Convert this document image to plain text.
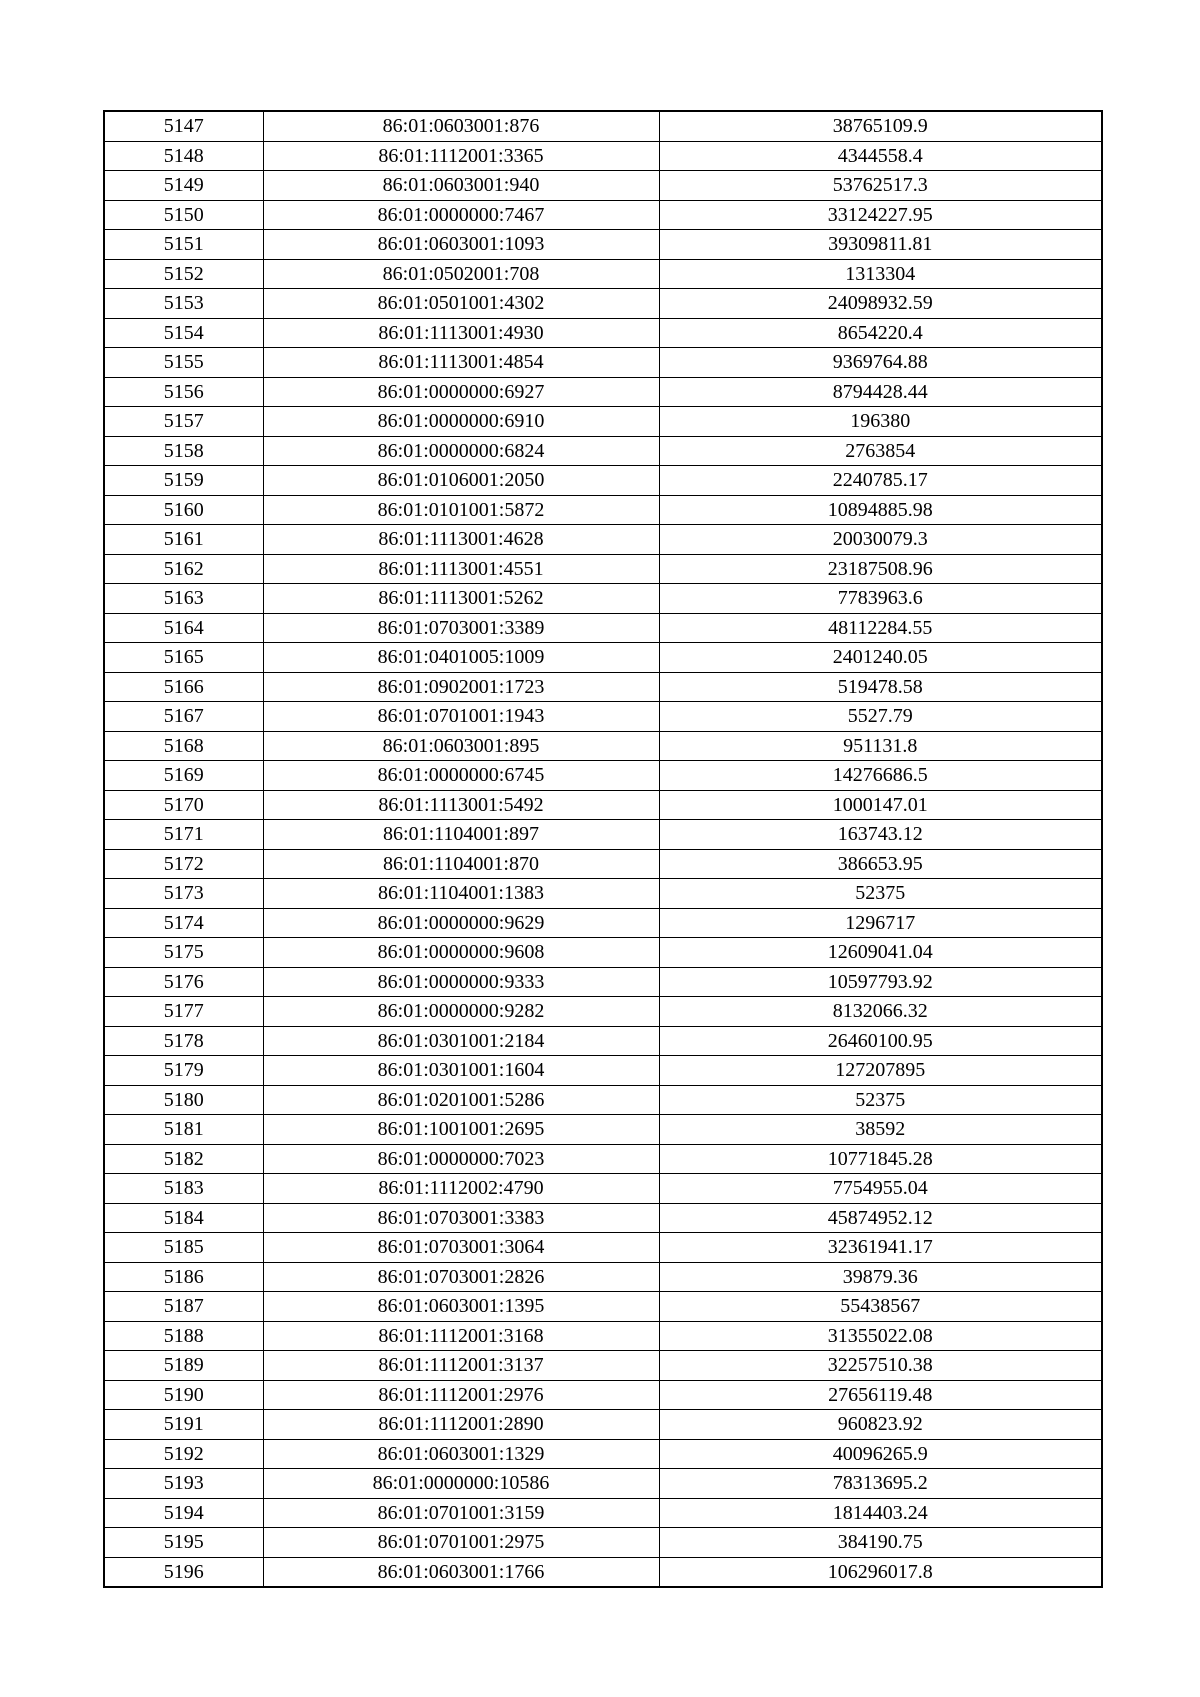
5147	86:01:0603001:876	38765109.9
5148	86:01:1112001:3365	4344558.4
5149	86:01:0603001:940	53762517.3
5150	86:01:0000000:7467	33124227.95
5151	86:01:0603001:1093	39309811.81
5152	86:01:0502001:708	1313304
5153	86:01:0501001:4302	24098932.59
5154	86:01:1113001:4930	8654220.4
5155	86:01:1113001:4854	9369764.88
5156	86:01:0000000:6927	8794428.44
5157	86:01:0000000:6910	196380
5158	86:01:0000000:6824	2763854
5159	86:01:0106001:2050	2240785.17
5160	86:01:0101001:5872	10894885.98
5161	86:01:1113001:4628	20030079.3
5162	86:01:1113001:4551	23187508.96
5163	86:01:1113001:5262	7783963.6
5164	86:01:0703001:3389	48112284.55
5165	86:01:0401005:1009	2401240.05
5166	86:01:0902001:1723	519478.58
5167	86:01:0701001:1943	5527.79
5168	86:01:0603001:895	951131.8
5169	86:01:0000000:6745	14276686.5
5170	86:01:1113001:5492	1000147.01
5171	86:01:1104001:897	163743.12
5172	86:01:1104001:870	386653.95
5173	86:01:1104001:1383	52375
5174	86:01:0000000:9629	1296717
5175	86:01:0000000:9608	12609041.04
5176	86:01:0000000:9333	10597793.92
5177	86:01:0000000:9282	8132066.32
5178	86:01:0301001:2184	26460100.95
5179	86:01:0301001:1604	127207895
5180	86:01:0201001:5286	52375
5181	86:01:1001001:2695	38592
5182	86:01:0000000:7023	10771845.28
5183	86:01:1112002:4790	7754955.04
5184	86:01:0703001:3383	45874952.12
5185	86:01:0703001:3064	32361941.17
5186	86:01:0703001:2826	39879.36
5187	86:01:0603001:1395	55438567
5188	86:01:1112001:3168	31355022.08
5189	86:01:1112001:3137	32257510.38
5190	86:01:1112001:2976	27656119.48
5191	86:01:1112001:2890	960823.92
5192	86:01:0603001:1329	40096265.9
5193	86:01:0000000:10586	78313695.2
5194	86:01:0701001:3159	1814403.24
5195	86:01:0701001:2975	384190.75
5196	86:01:0603001:1766	106296017.8
